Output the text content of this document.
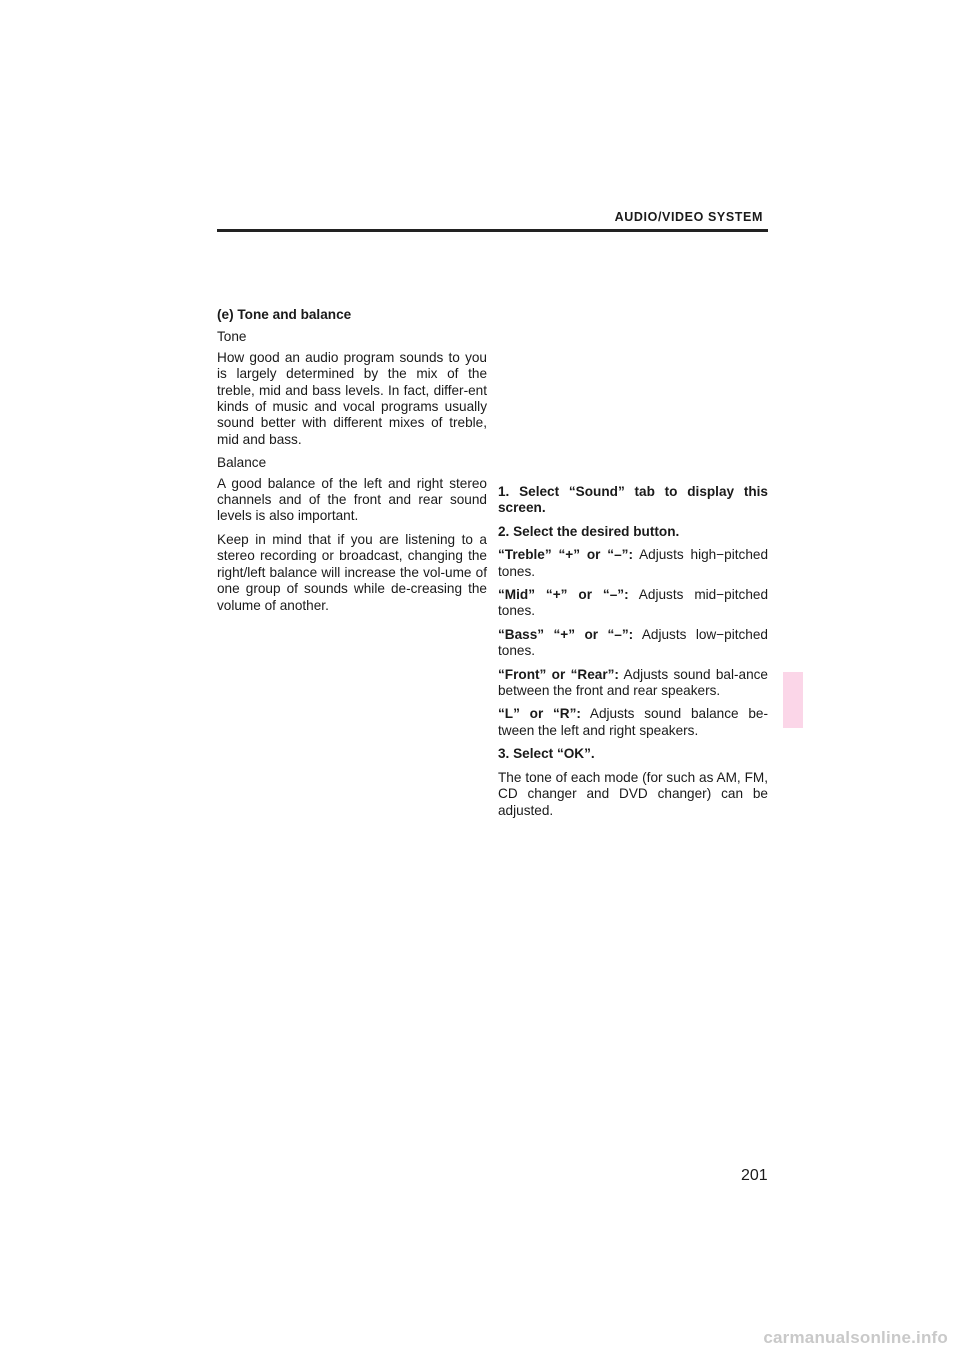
AUDIO/VIDEO SYSTEM

(e) Tone and balance

Tone

How good an audio program sounds to you is largely determined by the mix of the treble, mid and bass levels. In fact, differ-ent kinds of music and vocal programs usually sound better with different mixes of treble, mid and bass.

Balance

A good balance of the left and right stereo channels and of the front and rear sound levels is also important.

Keep in mind that if you are listening to a stereo recording or broadcast, changing the right/left balance will increase the vol-ume of one group of sounds while de-creasing the volume of another.

1. Select “Sound” tab to display this screen.

2. Select the desired button.

“Treble” “+” or “–”: Adjusts high−pitched tones.

“Mid” “+” or “–”: Adjusts mid−pitched tones.

“Bass” “+” or “–”: Adjusts low−pitched tones.

“Front” or “Rear”: Adjusts sound bal-ance between the front and rear speakers.

“L” or “R”: Adjusts sound balance be-tween the left and right speakers.

3. Select “OK”.

The tone of each mode (for such as AM, FM, CD changer and DVD changer) can be adjusted.

201
carmanualsonline.info
